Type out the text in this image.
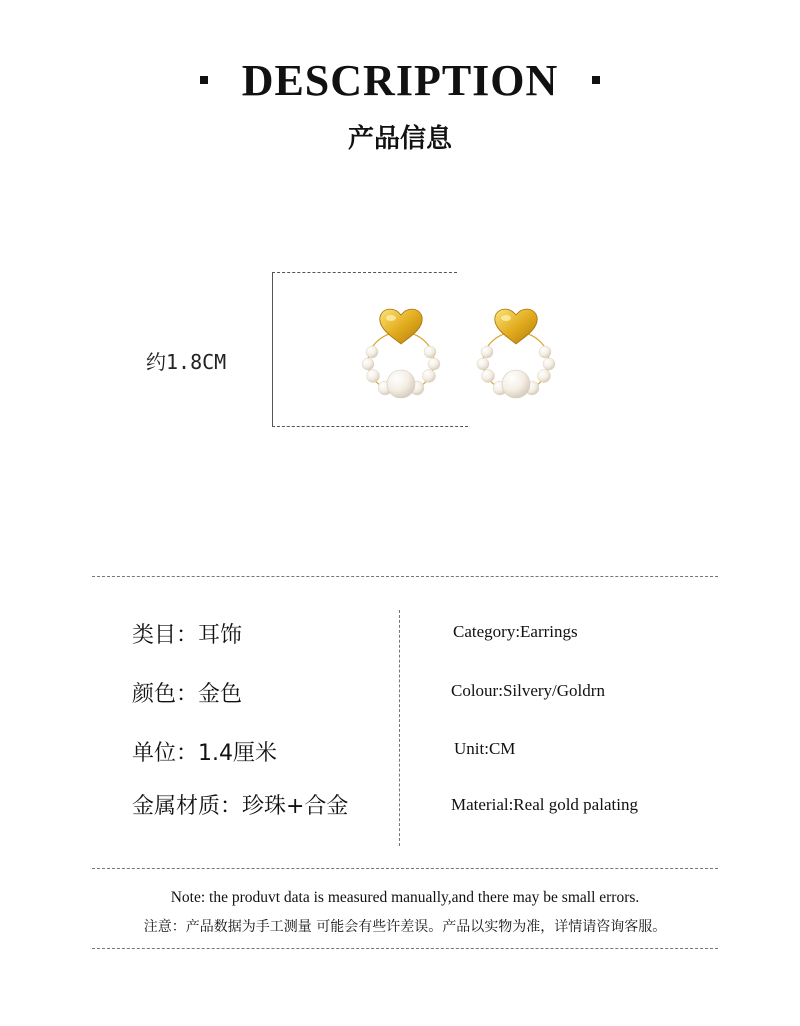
DESCRIPTION
产品信息
约1.8CM
类目：耳饰
颜色：金色
单位：1.4厘米
金属材质：珍珠+合金
Category:Earrings
Colour:Silvery/Goldrn
Unit:CM
Material:Real gold palating
Note: the produvt data is measured manually,and there may be small errors.
注意：产品数据为手工测量 可能会有些许差误。产品以实物为准，详情请咨询客服。
